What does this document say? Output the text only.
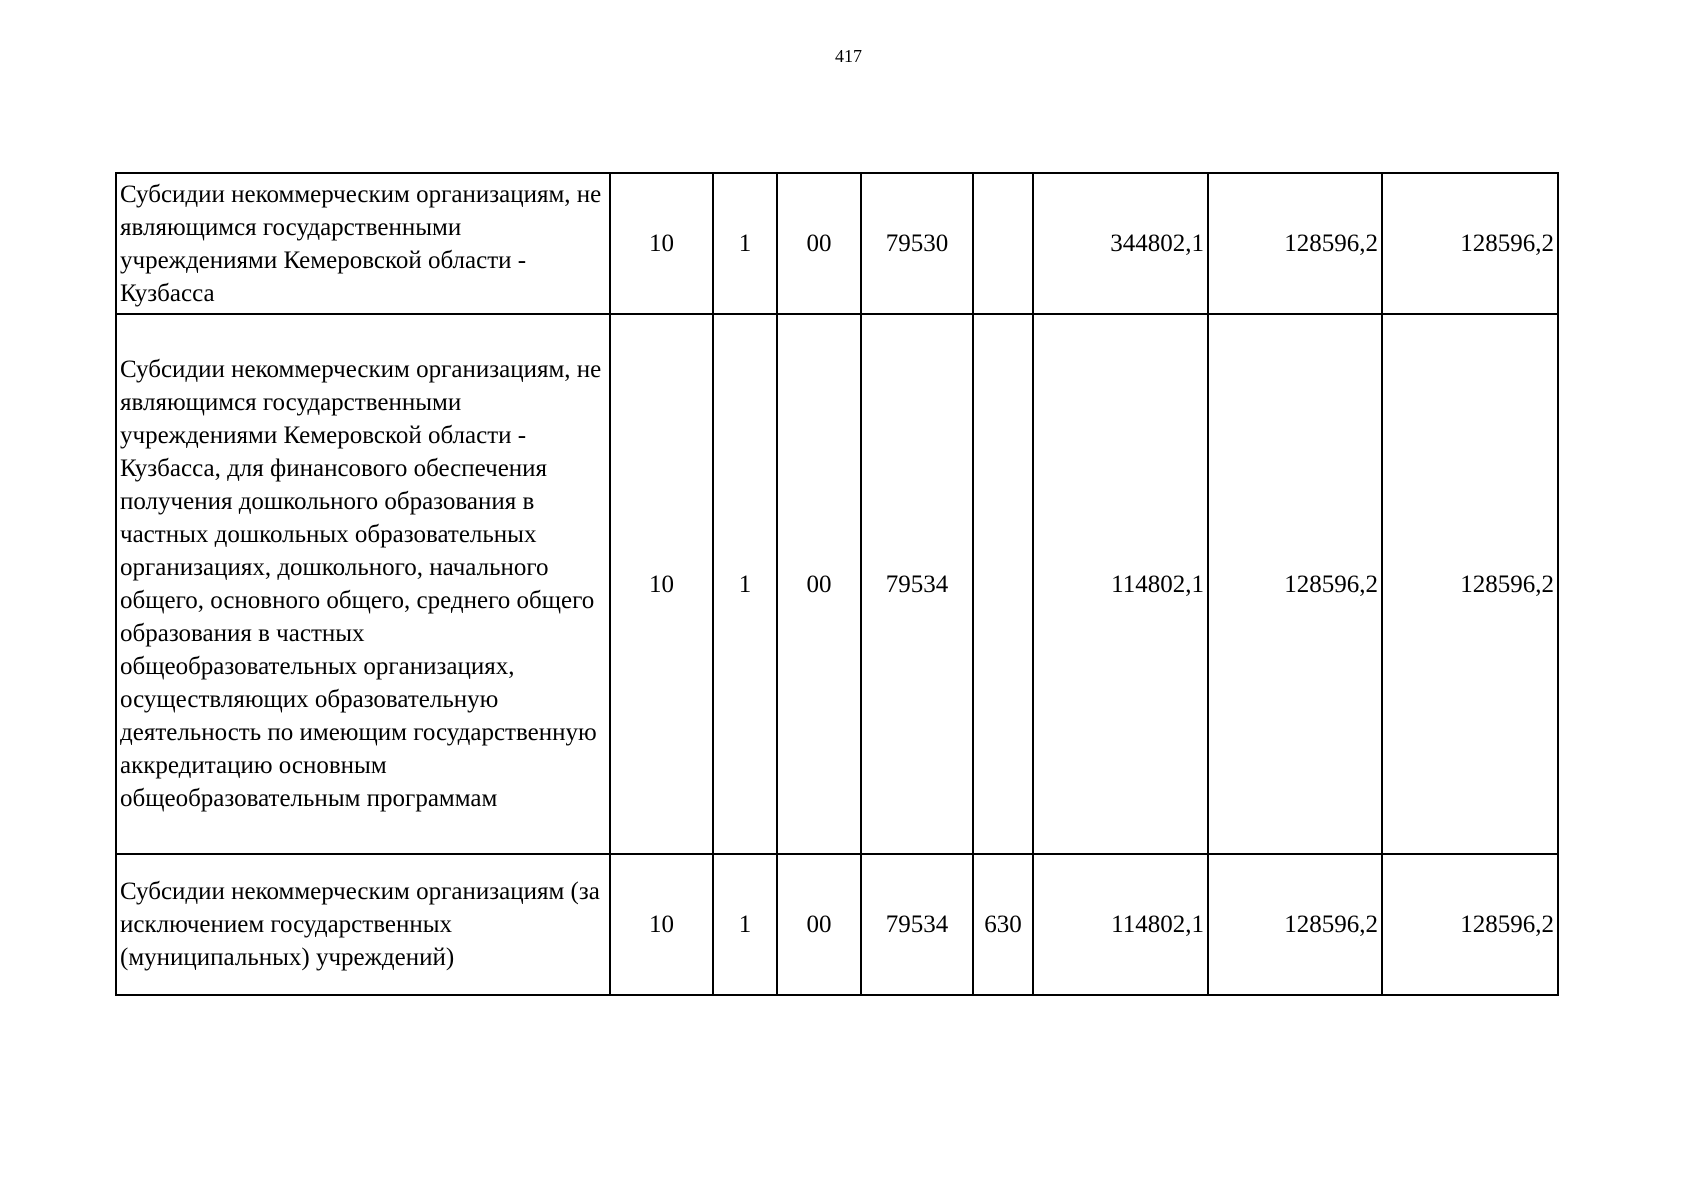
417
Субсидии некоммерческим организациям, не являющимся государственными учреждениями Кемеровской области - Кузбасса	10	1	00	79530		344802,1	128596,2	128596,2
Субсидии некоммерческим организациям, не являющимся государственными учреждениями Кемеровской области - Кузбасса, для финансового обеспечения получения дошкольного образования в частных дошкольных образовательных организациях, дошкольного, начального общего, основного общего, среднего общего образования в частных общеобразовательных организациях, осуществляющих образовательную деятельность по имеющим государственную аккредитацию основным общеобразовательным программам	10	1	00	79534		114802,1	128596,2	128596,2
Субсидии некоммерческим организациям (за исключением государственных (муниципальных) учреждений)	10	1	00	79534	630	114802,1	128596,2	128596,2
